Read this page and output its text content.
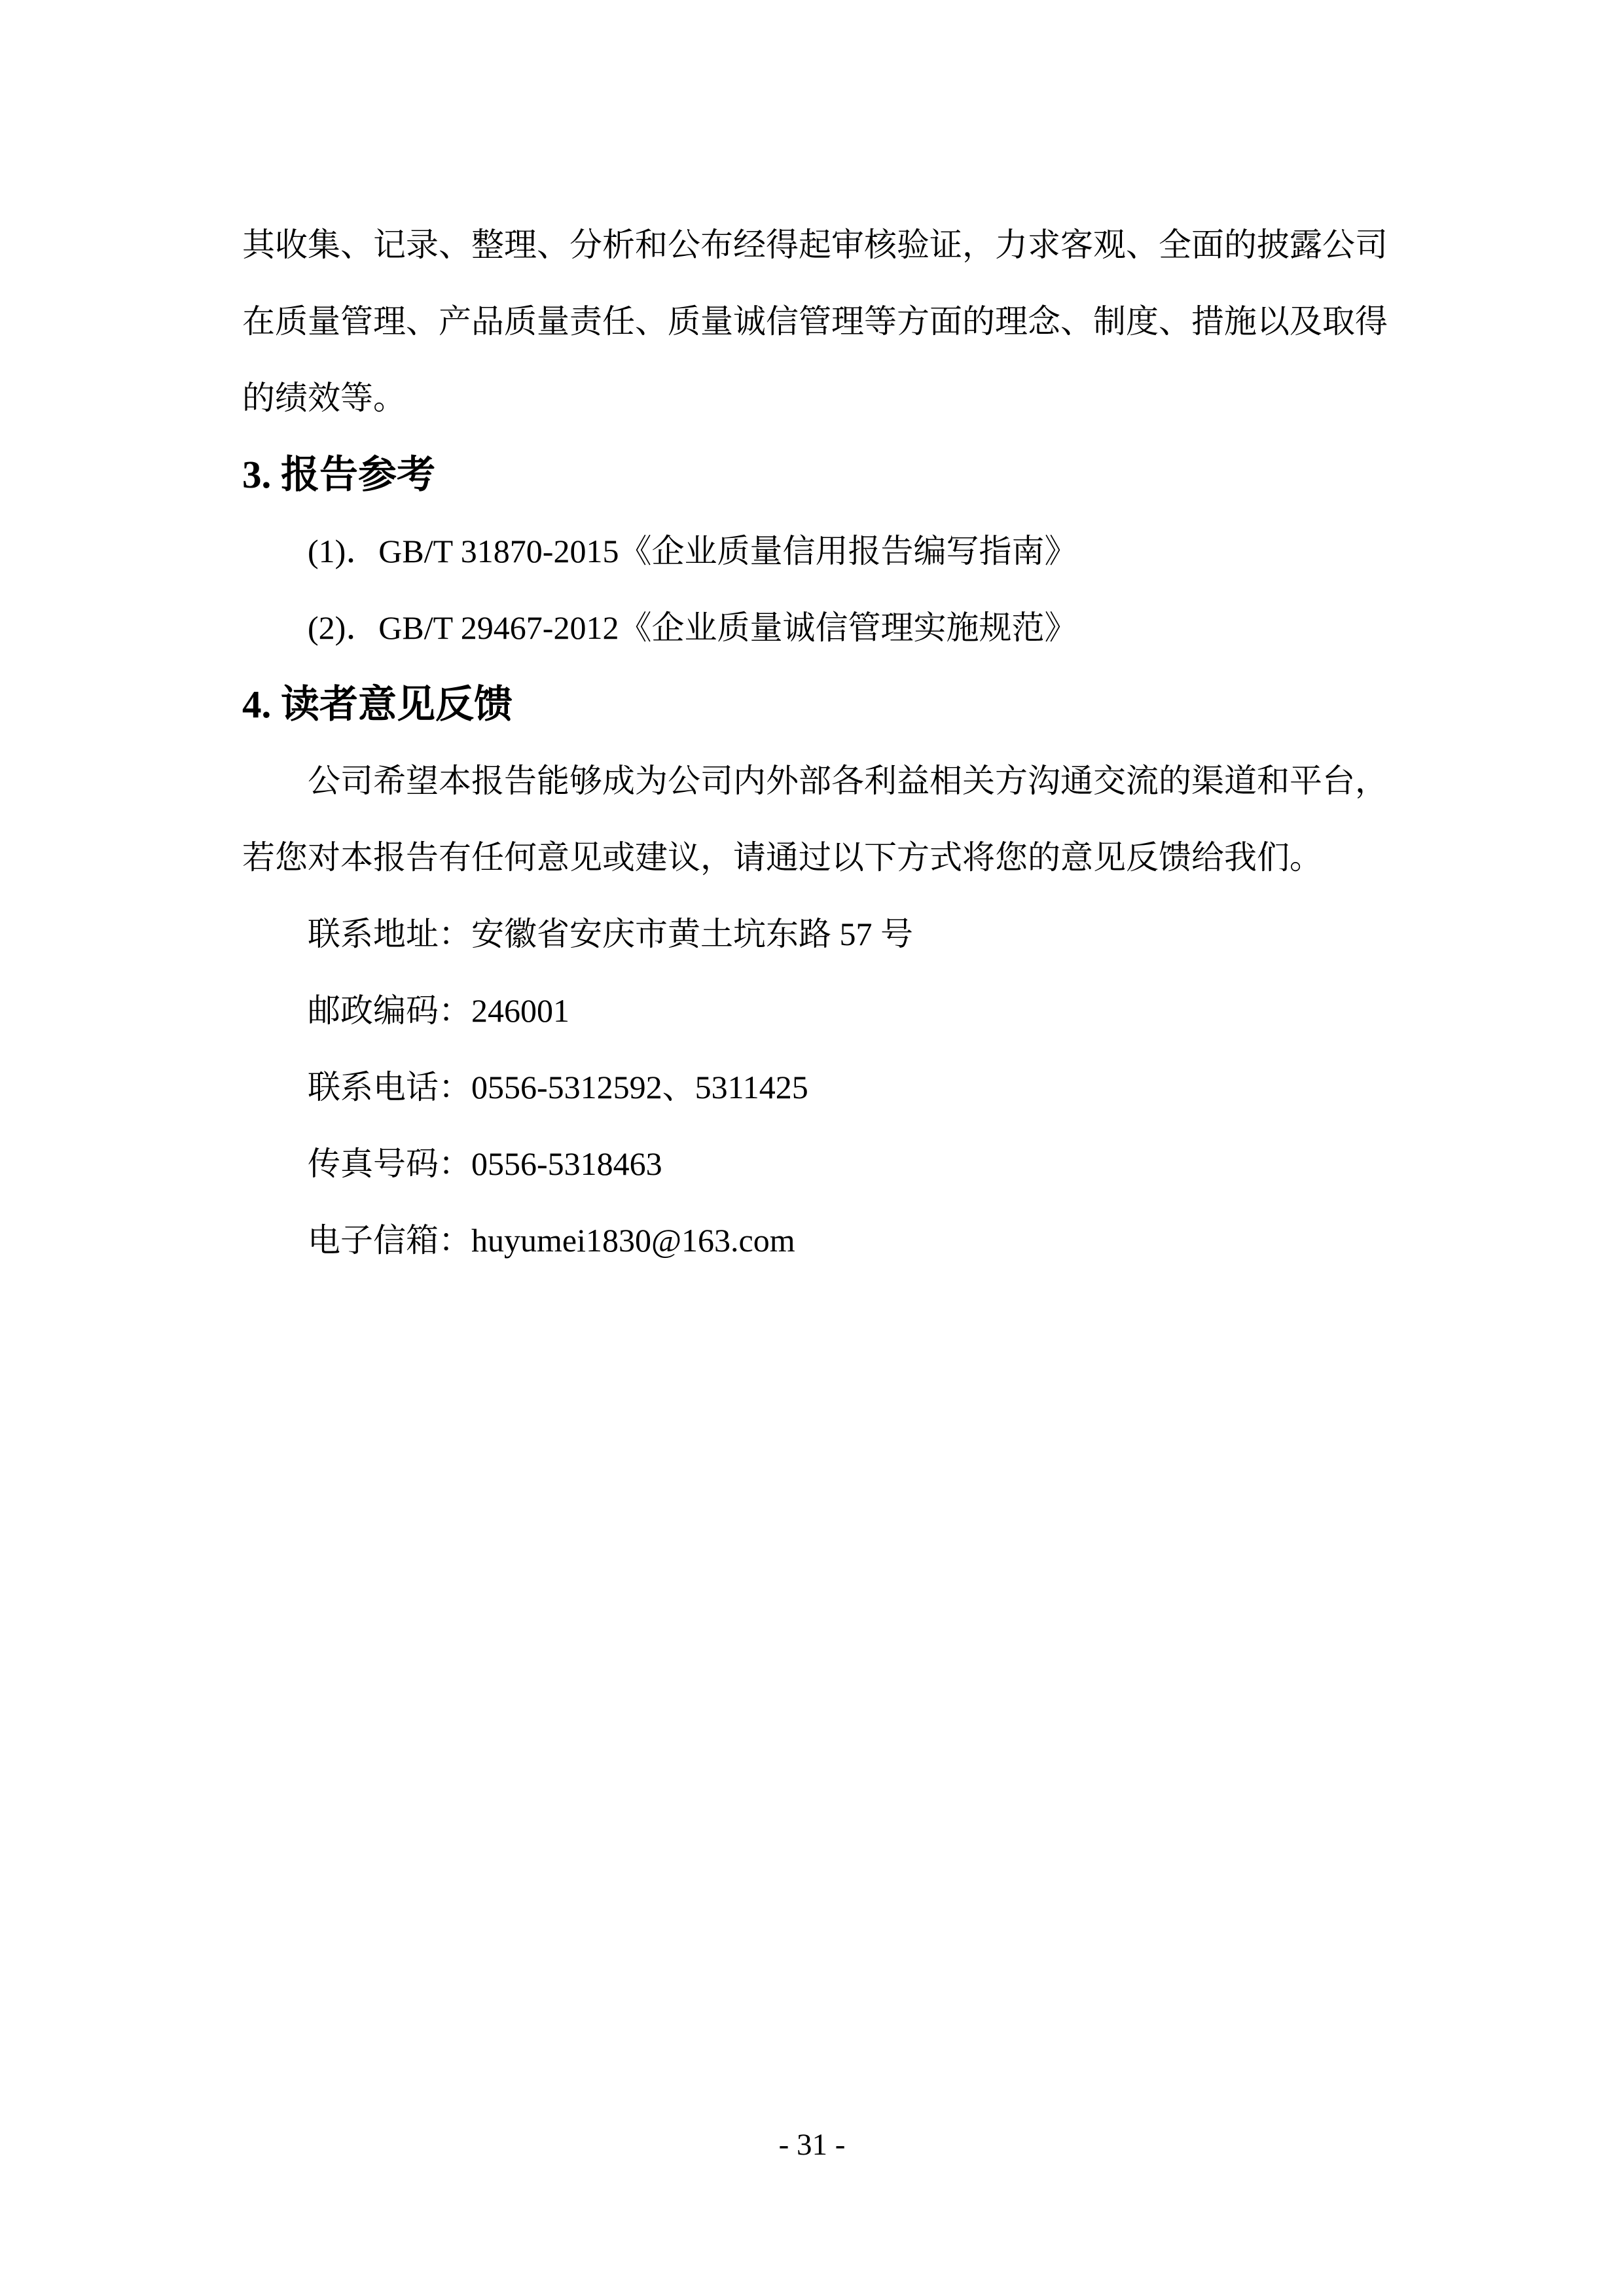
其收集、记录、整理、分析和公布经得起审核验证，力求客观、全面的披露公司

在质量管理、产品质量责任、质量诚信管理等方面的理念、制度、措施以及取得

的绩效等。

3. 报告参考

(1)．GB/T 31870-2015《企业质量信用报告编写指南》

(2)．GB/T 29467-2012《企业质量诚信管理实施规范》

4. 读者意见反馈

公司希望本报告能够成为公司内外部各利益相关方沟通交流的渠道和平台，

若您对本报告有任何意见或建议，请通过以下方式将您的意见反馈给我们。

联系地址：安徽省安庆市黄土坑东路 57 号

邮政编码：246001

联系电话：0556-5312592、5311425

传真号码：0556-5318463

电子信箱：huyumei1830@163.com

- 31 -
